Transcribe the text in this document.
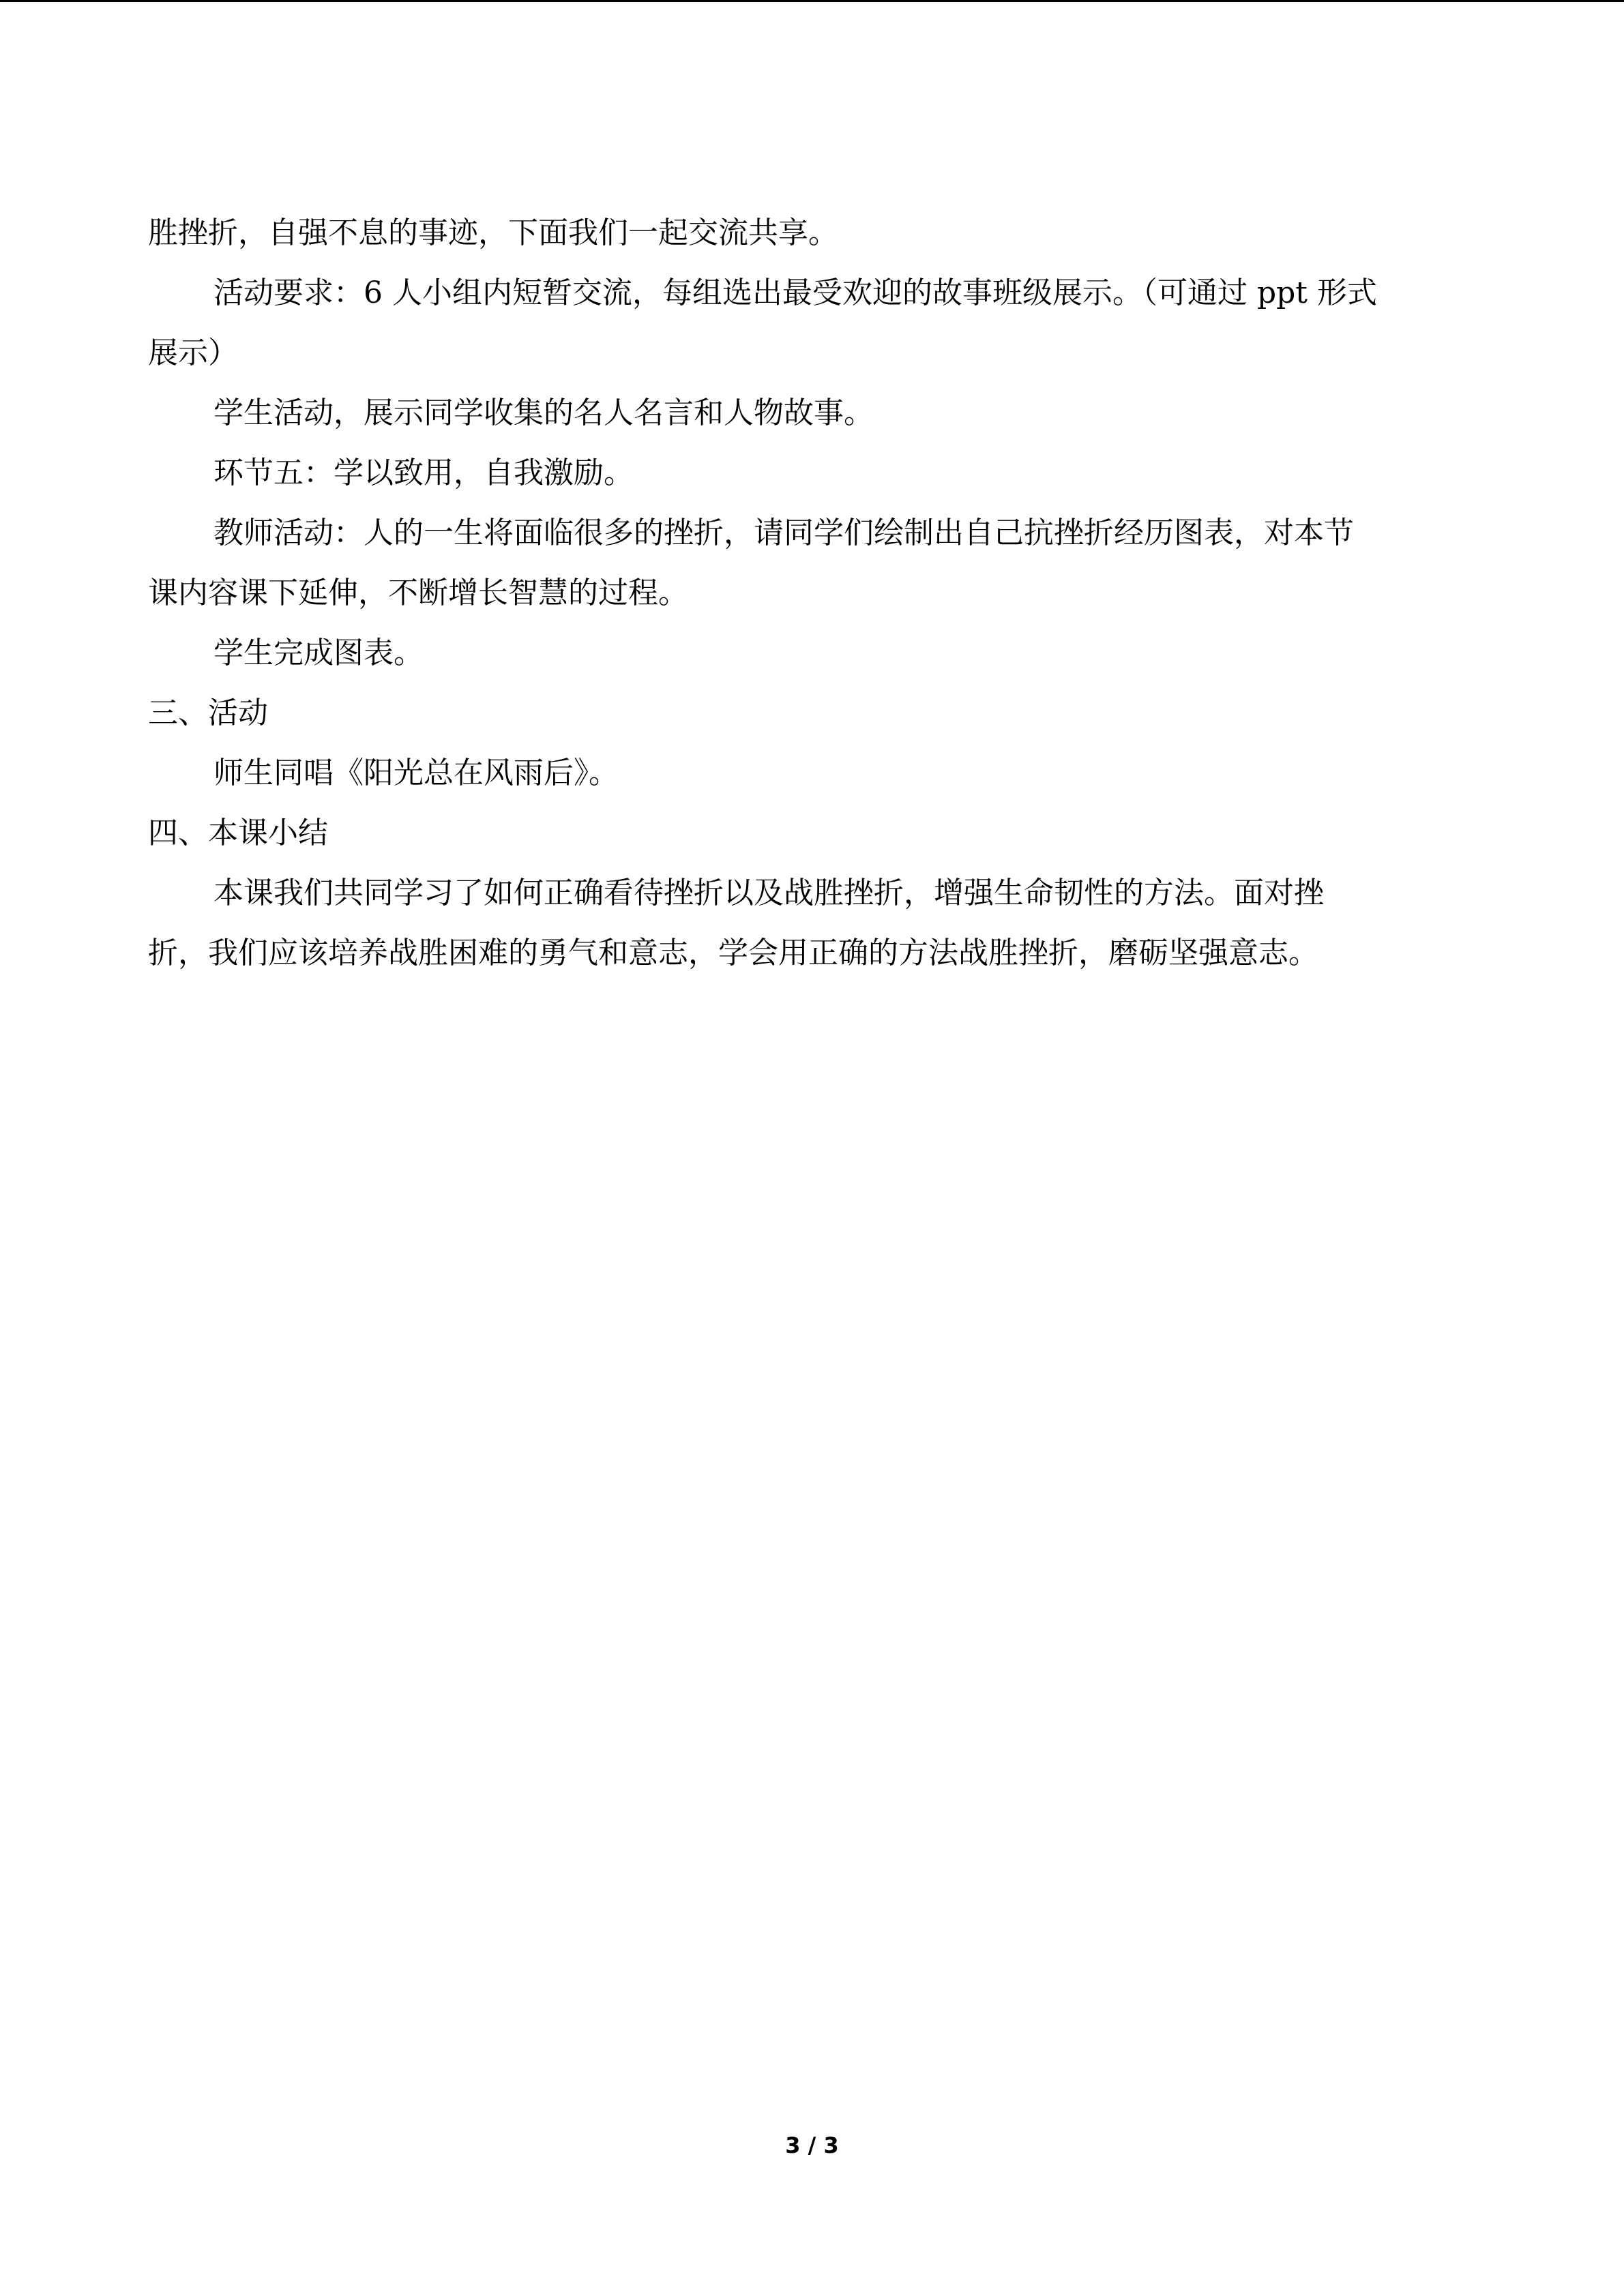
胜挫折，自强不息的事迹，下面我们一起交流共享。
活动要求：6 人小组内短暂交流，每组选出最受欢迎的故事班级展示。（可通过 ppt 形式
展示）
学生活动，展示同学收集的名人名言和人物故事。
环节五：学以致用，自我激励。
教师活动：人的一生将面临很多的挫折，请同学们绘制出自己抗挫折经历图表，对本节
课内容课下延伸，不断增长智慧的过程。
学生完成图表。
三、活动
师生同唱《阳光总在风雨后》。
四、本课小结
本课我们共同学习了如何正确看待挫折以及战胜挫折，增强生命韧性的方法。面对挫
折，我们应该培养战胜困难的勇气和意志，学会用正确的方法战胜挫折，磨砺坚强意志。
3 / 3
